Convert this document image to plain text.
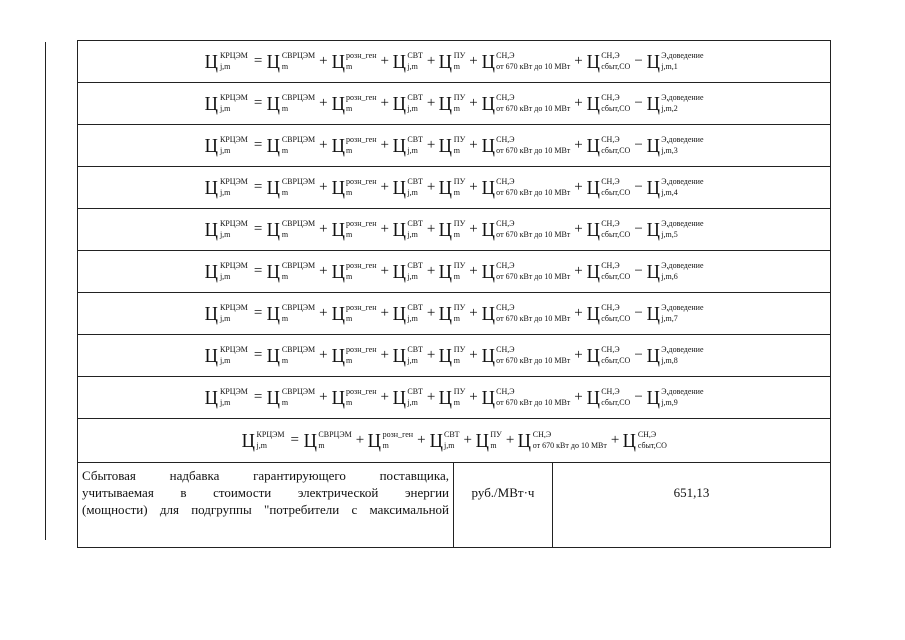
Ц КРЦЭМ
j,m	= Ц СВРЦЭМ
m	+ Ц розн_ген
m	+ Ц СВТ
j,m + Ц ПУ
m + Ц СН,Э
от 670 кВт до 10 МВт + Ц СН,Э
сбыт,СО − Ц Э,доведение
j,m,1

Ц КРЦЭМ
j,m	= Ц СВРЦЭМ
m	+ Ц розн_ген
m	+ Ц СВТ
j,m + Ц ПУ
m + Ц СН,Э
от 670 кВт до 10 МВт + Ц СН,Э
сбыт,СО − Ц Э,доведение
j,m,2

Ц КРЦЭМ
j,m	= Ц СВРЦЭМ
m	+ Ц розн_ген
m	+ Ц СВТ
j,m + Ц ПУ
m + Ц СН,Э
от 670 кВт до 10 МВт + Ц СН,Э
сбыт,СО − Ц Э,доведение
j,m,3

Ц КРЦЭМ
j,m	= Ц СВРЦЭМ
m	+ Ц розн_ген
m	+ Ц СВТ
j,m + Ц ПУ
m + Ц СН,Э
от 670 кВт до 10 МВт + Ц СН,Э
сбыт,СО − Ц Э,доведение
j,m,4

Ц КРЦЭМ
j,m	= Ц СВРЦЭМ
m	+ Ц розн_ген
m	+ Ц СВТ
j,m + Ц ПУ
m + Ц СН,Э
от 670 кВт до 10 МВт + Ц СН,Э
сбыт,СО − Ц Э,доведение
j,m,5

Ц КРЦЭМ
j,m	= Ц СВРЦЭМ
m	+ Ц розн_ген
m	+ Ц СВТ
j,m + Ц ПУ
m + Ц СН,Э
от 670 кВт до 10 МВт + Ц СН,Э
сбыт,СО − Ц Э,доведение
j,m,6

Ц КРЦЭМ
j,m	= Ц СВРЦЭМ
m	+ Ц розн_ген
m	+ Ц СВТ
j,m + Ц ПУ
m + Ц СН,Э
от 670 кВт до 10 МВт + Ц СН,Э
сбыт,СО − Ц Э,доведение
j,m,7

Ц КРЦЭМ
j,m	= Ц СВРЦЭМ
m	+ Ц розн_ген
m	+ Ц СВТ
j,m + Ц ПУ
m + Ц СН,Э
от 670 кВт до 10 МВт + Ц СН,Э
сбыт,СО − Ц Э,доведение
j,m,8

Ц КРЦЭМ
j,m	= Ц СВРЦЭМ
m	+ Ц розн_ген
m	+ Ц СВТ
j,m + Ц ПУ
m + Ц СН,Э
от 670 кВт до 10 МВт + Ц СН,Э
сбыт,СО − Ц Э,доведение
j,m,9

Ц КРЦЭМ
j,m	= Ц СВРЦЭМ
m	+ Ц розн_ген
m	+ Ц СВТ
j,m + Ц ПУ
m + Ц СН,Э
от 670 кВт до 10 МВт + Ц СН,Э
сбыт,СО

Сбытовая надбавка гарантирующего поставщика,
учитываемая в стоимости электрической энергии
(мощности) для подгруппы "потребители с максимальной
	руб./МВт·ч	651,13
